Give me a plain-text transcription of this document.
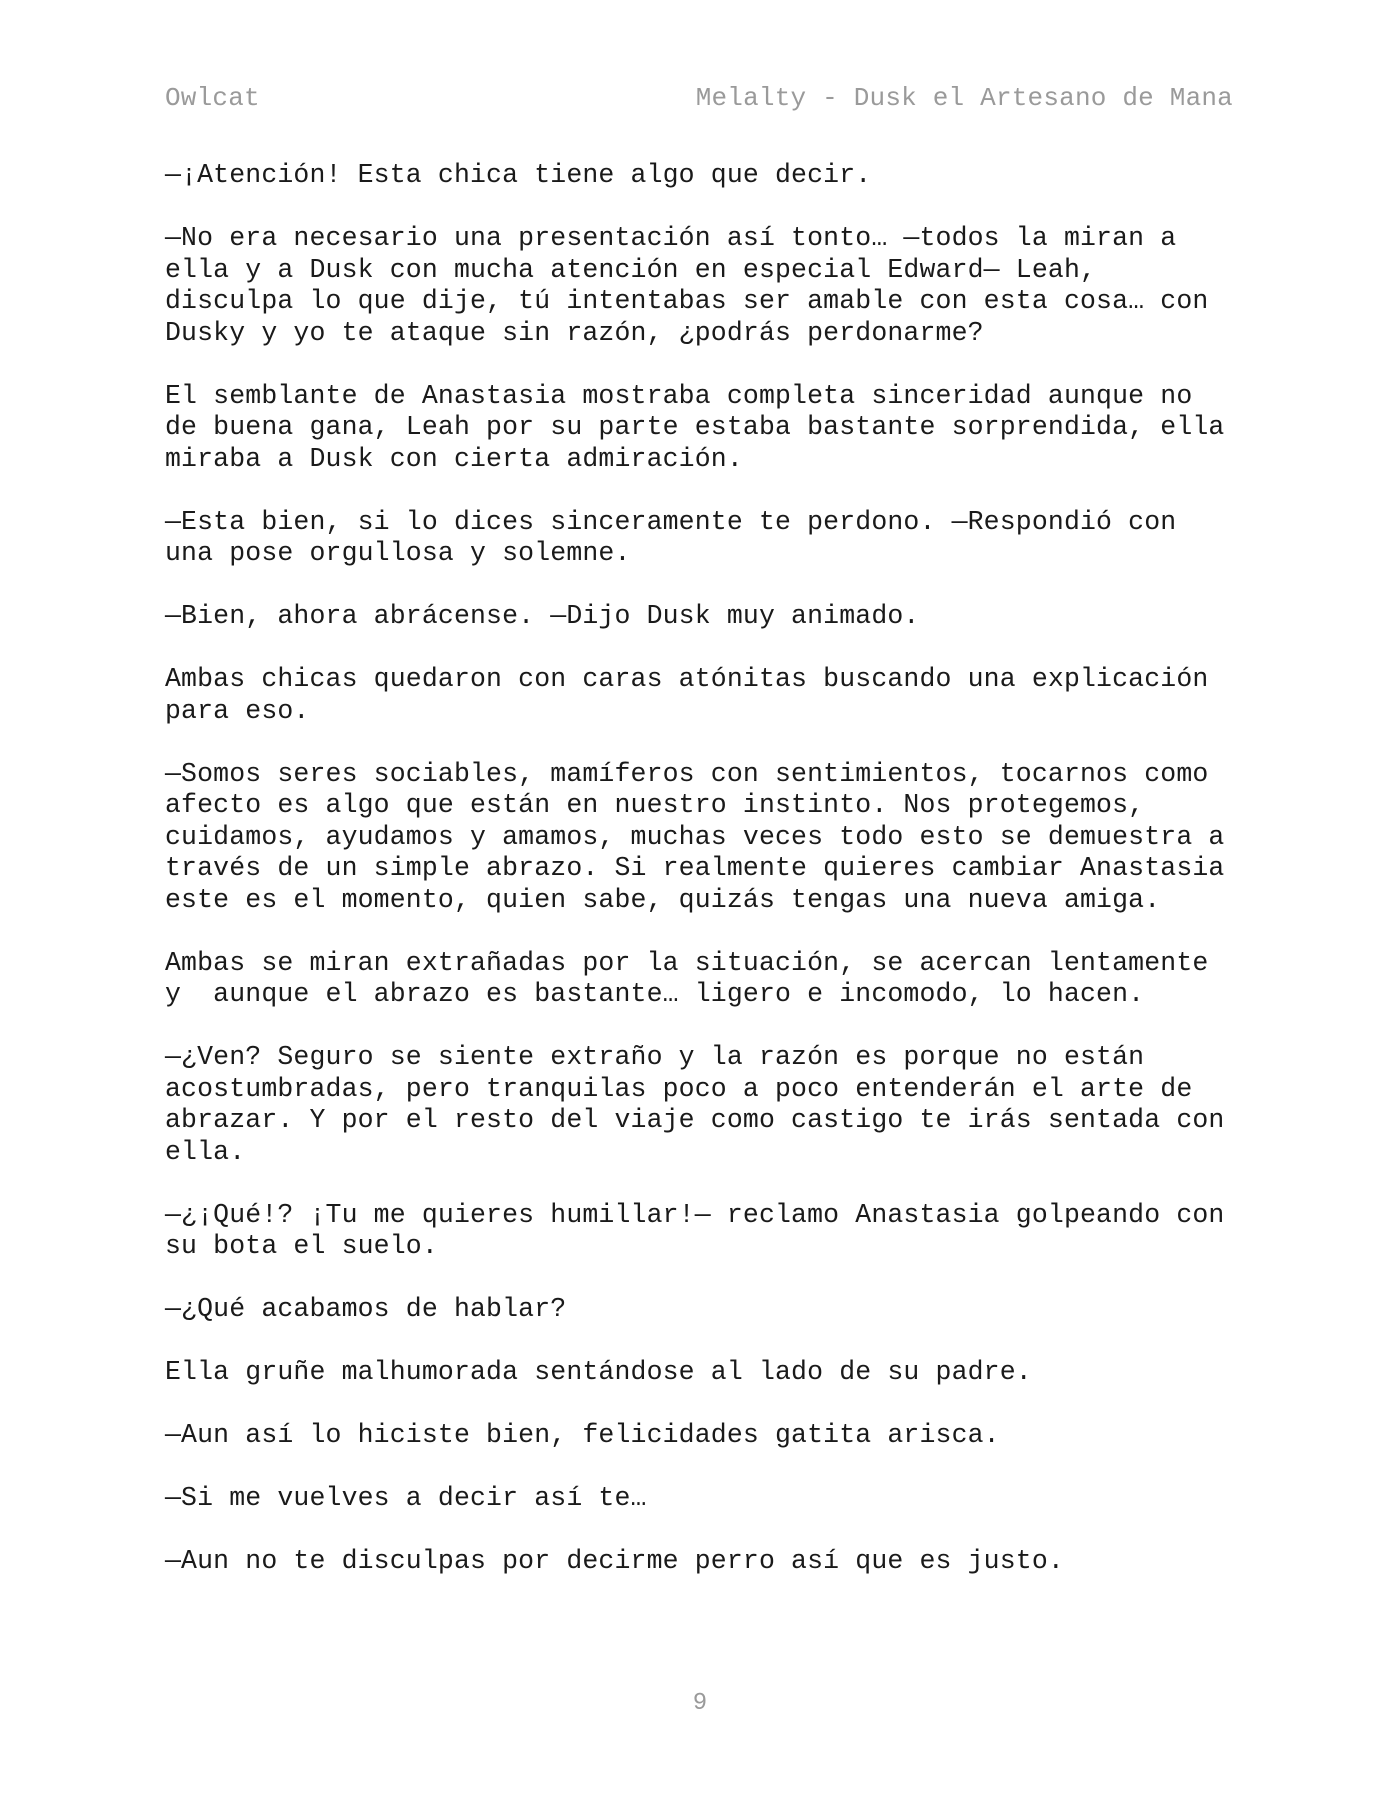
Owlcat	Melalty - Dusk el Artesano de Mana

—¡Atención! Esta chica tiene algo que decir.

—No era necesario una presentación así tonto… —todos la miran a ella y a Dusk con mucha atención en especial Edward— Leah, disculpa lo que dije, tú intentabas ser amable con esta cosa… con Dusky y yo te ataque sin razón, ¿podrás perdonarme?

El semblante de Anastasia mostraba completa sinceridad aunque no de buena gana, Leah por su parte estaba bastante sorprendida, ella miraba a Dusk con cierta admiración.

—Esta bien, si lo dices sinceramente te perdono. —Respondió con una pose orgullosa y solemne.

—Bien, ahora abrácense. —Dijo Dusk muy animado.

Ambas chicas quedaron con caras atónitas buscando una explicación para eso.

—Somos seres sociables, mamíferos con sentimientos, tocarnos como afecto es algo que están en nuestro instinto. Nos protegemos, cuidamos, ayudamos y amamos, muchas veces todo esto se demuestra a través de un simple abrazo. Si realmente quieres cambiar Anastasia este es el momento, quien sabe, quizás tengas una nueva amiga.

Ambas se miran extrañadas por la situación, se acercan lentamente y  aunque el abrazo es bastante… ligero e incomodo, lo hacen.

—¿Ven? Seguro se siente extraño y la razón es porque no están acostumbradas, pero tranquilas poco a poco entenderán el arte de abrazar. Y por el resto del viaje como castigo te irás sentada con ella.

—¿¡Qué!? ¡Tu me quieres humillar!— reclamo Anastasia golpeando con su bota el suelo.

—¿Qué acabamos de hablar?

Ella gruñe malhumorada sentándose al lado de su padre.

—Aun así lo hiciste bien, felicidades gatita arisca.

—Si me vuelves a decir así te…

—Aun no te disculpas por decirme perro así que es justo.

9
